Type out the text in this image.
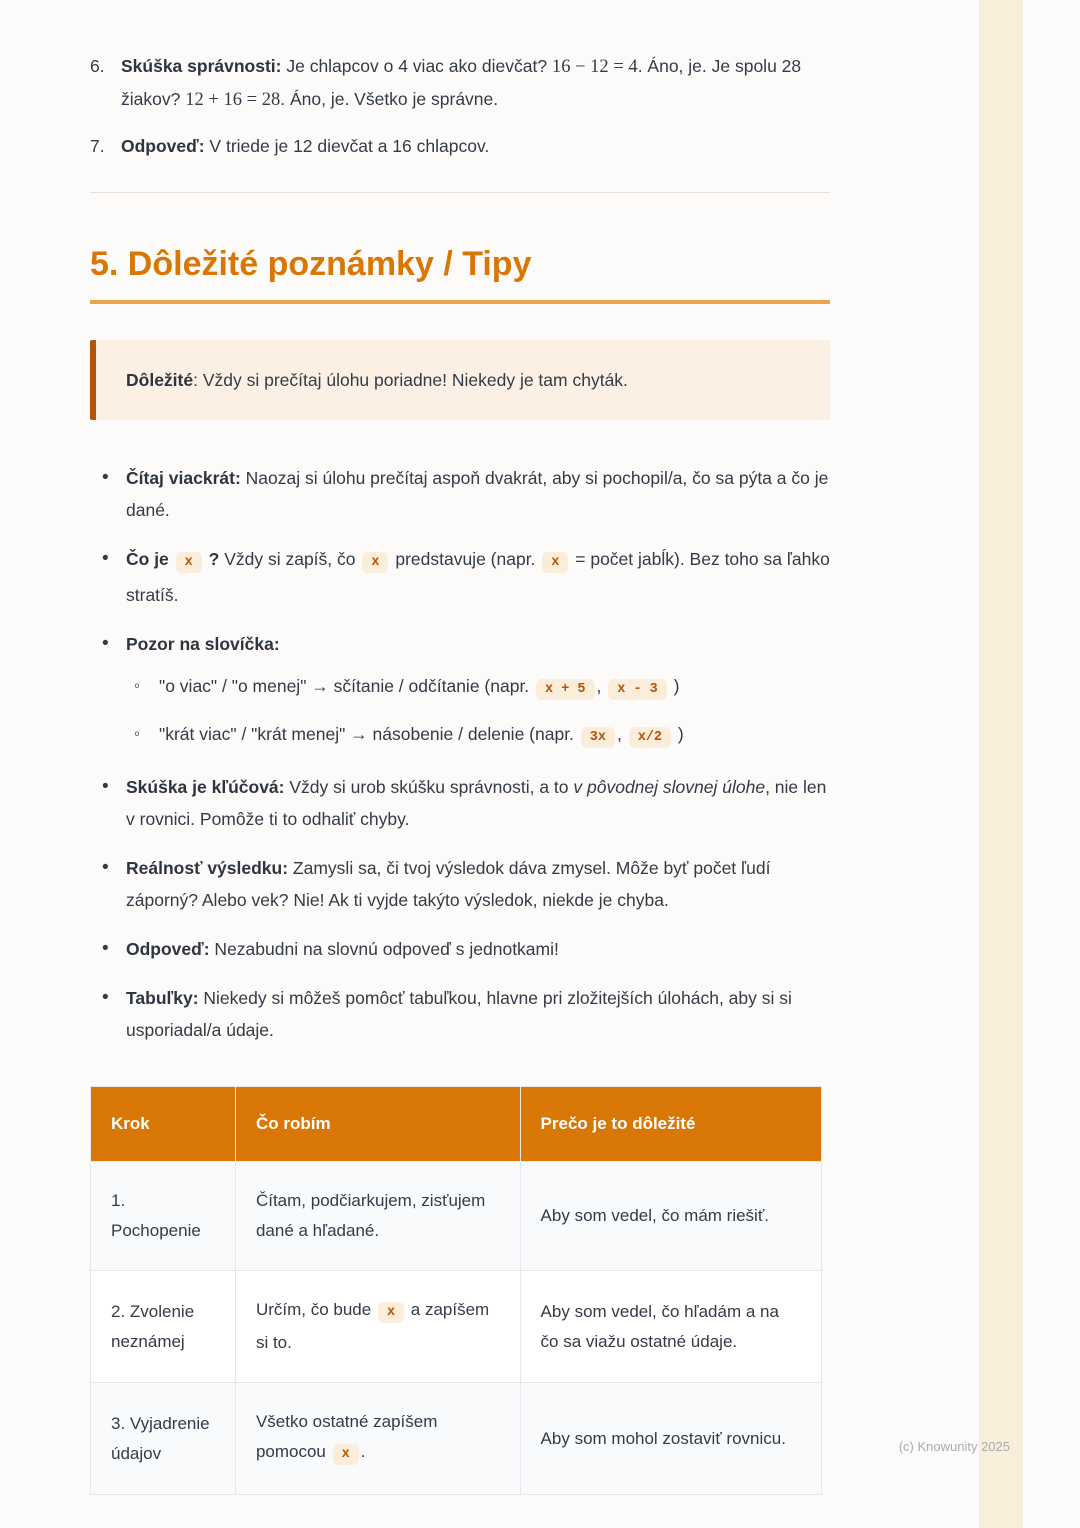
6. Skúška správnosti: Je chlapcov o 4 viac ako dievčat? 16 − 12 = 4. Áno, je. Je spolu 28 žiakov? 12 + 16 = 28. Áno, je. Všetko je správne.

7. Odpoveď: V triede je 12 dievčat a 16 chlapcov.

5. Dôležité poznámky / Tipy

Dôležité: Vždy si prečítaj úlohu poriadne! Niekedy je tam chyták.

• Čítaj viackrát: Naozaj si úlohu prečítaj aspoň dvakrát, aby si pochopil/a, čo sa pýta a čo je dané.

• Čo je x ? Vždy si zapíš, čo x predstavuje (napr. x = počet jabĺk). Bez toho sa ľahko stratíš.

• Pozor na slovíčka:

◦ "o viac" / "o menej" → sčítanie / odčítanie (napr. x + 5 , x - 3 )

◦ "krát viac" / "krát menej" → násobenie / delenie (napr. 3x , x/2 )

• Skúška je kľúčová: Vždy si urob skúšku správnosti, a to v pôvodnej slovnej úlohe, nie len v rovnici. Pomôže ti to odhaliť chyby.

• Reálnosť výsledku: Zamysli sa, či tvoj výsledok dáva zmysel. Môže byť počet ľudí záporný? Alebo vek? Nie! Ak ti vyjde takýto výsledok, niekde je chyba.

• Odpoveď: Nezabudni na slovnú odpoveď s jednotkami!

• Tabuľky: Niekedy si môžeš pomôcť tabuľkou, hlavne pri zložitejších úlohách, aby si si usporiadal/a údaje.

Krok	Čo robím	Prečo je to dôležité
1. Pochopenie	Čítam, podčiarkujem, zisťujem dané a hľadané.	Aby som vedel, čo mám riešiť.
2. Zvolenie neznámej	Určím, čo bude x a zapíšem si to.	Aby som vedel, čo hľadám a na čo sa viažu ostatné údaje.
3. Vyjadrenie údajov	Všetko ostatné zapíšem pomocou x .	Aby som mohol zostaviť rovnicu.	(c) Knowunity 2025
